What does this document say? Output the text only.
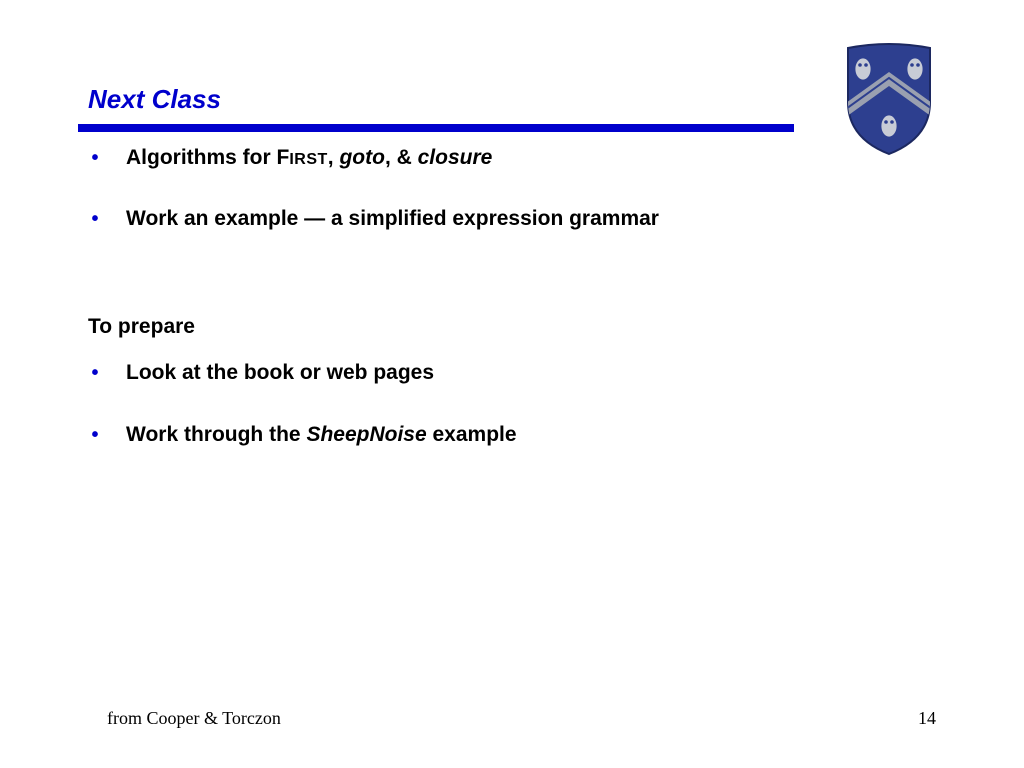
Next Class
• Algorithms for FIRST, goto, & closure
• Work an example — a simplified expression grammar

To prepare

• Look at the book or web pages
• Work through the SheepNoise example
from Cooper & Torczon	14
